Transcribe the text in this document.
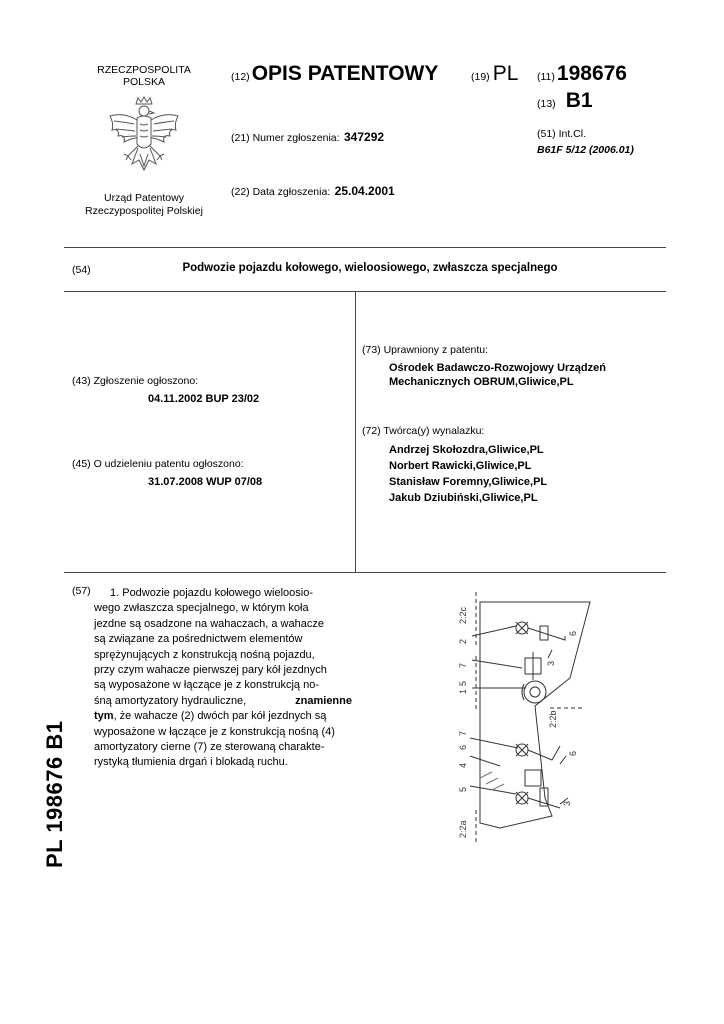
RZECZPOSPOLITA
POLSKA
Urząd Patentowy
Rzeczypospolitej Polskiej
(12)OPIS PATENTOWY	(19) PL
(21) Numer zgłoszenia: 347292
(22) Data zgłoszenia: 25.04.2001
(11)198676
(13) B1
(51) Int.Cl.
B61F 5/12 (2006.01)
(54)	Podwozie pojazdu kołowego, wieloosiowego, zwłaszcza specjalnego
(43) Zgłoszenie ogłoszono:
04.11.2002 BUP 23/02
(45) O udzieleniu patentu ogłoszono:
31.07.2008 WUP 07/08
(73) Uprawniony z patentu:
Ośrodek Badawczo-Rozwojowy Urządzeń
Mechanicznych OBRUM,Gliwice,PL
(72) Twórca(y) wynalazku:
Andrzej Skołozdra,Gliwice,PL
Norbert Rawicki,Gliwice,PL
Stanisław Foremny,Gliwice,PL
Jakub Dziubiński,Gliwice,PL
(57)	1. Podwozie pojazdu kołowego wieloosio-
wego zwłaszcza specjalnego, w którym koła
jezdne są osadzone na wahaczach, a wahacze
są związane za pośrednictwem elementów
sprężynujących z konstrukcją nośną pojazdu,
przy czym wahacze pierwszej pary kół jezdnych
są wyposażone w łączące je z konstrukcją no-
śną amortyzatory hydrauliczne,	znamienne
tym, że wahacze (2) dwóch par kół jezdnych są
wyposażone w łączące je z konstrukcją nośną (4)
amortyzatory cierne (7) ze sterowaną charakte-
rystyką tłumienia drgań i blokadą ruchu.
PL 198676 B1
2:2c
2
7
5
1
7
6
4
5
2:2a
6
3
2:2b
6
3
